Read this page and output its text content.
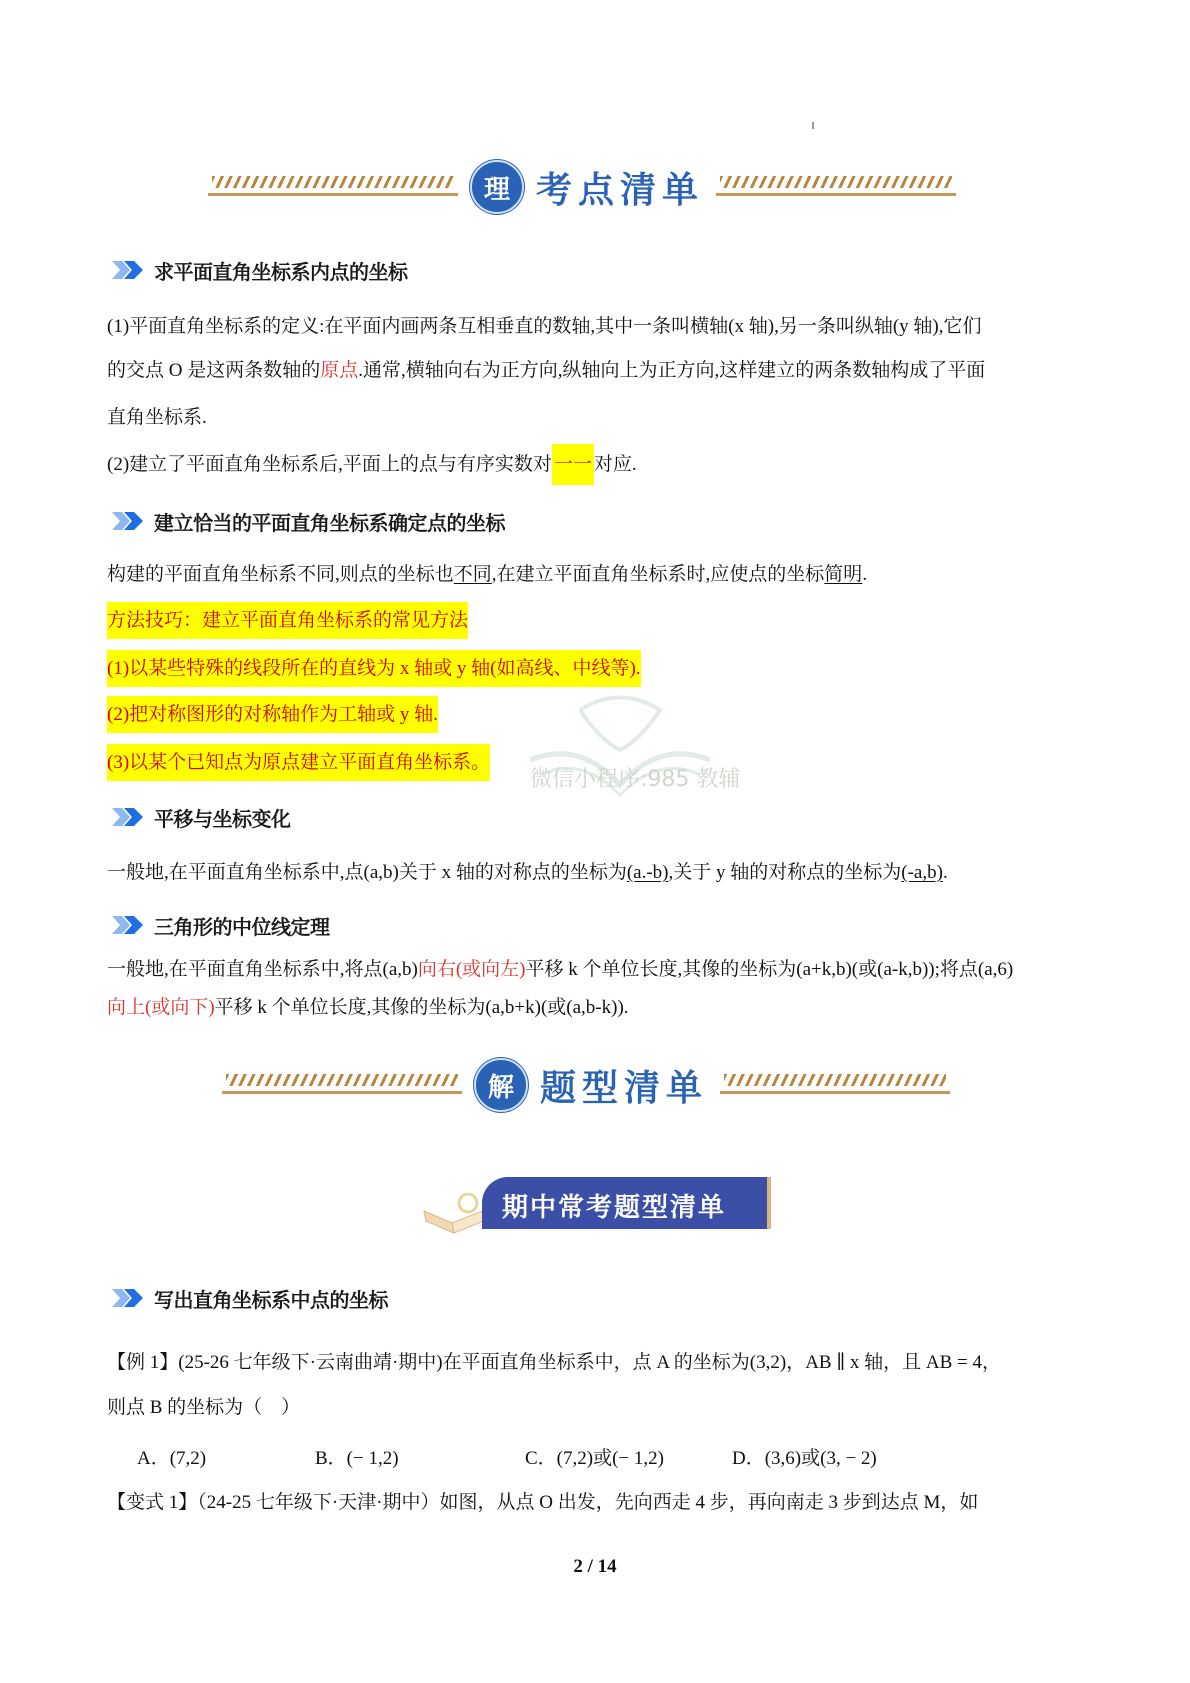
微信小程序:985 教辅
理 考点清单
求平面直角坐标系内点的坐标
(1)平面直角坐标系的定义:在平面内画两条互相垂直的数轴,其中一条叫横轴(x 轴),另一条叫纵轴(y 轴),它们
的交点 O 是这两条数轴的原点.通常,横轴向右为正方向,纵轴向上为正方向,这样建立的两条数轴构成了平面
直角坐标系.
(2)建立了平面直角坐标系后,平面上的点与有序实数对 一一 对应.
建立恰当的平面直角坐标系确定点的坐标
构建的平面直角坐标系不同,则点的坐标也不同,在建立平面直角坐标系时,应使点的坐标简明.
方法技巧：建立平面直角坐标系的常见方法
(1)以某些特殊的线段所在的直线为 x 轴或 y 轴(如高线、中线等).
(2)把对称图形的对称轴作为工轴或 y 轴.
(3)以某个已知点为原点建立平面直角坐标系。
平移与坐标变化
一般地,在平面直角坐标系中,点(a,b)关于 x 轴的对称点的坐标为(a.-b),关于 y 轴的对称点的坐标为(-a,b).
三角形的中位线定理
一般地,在平面直角坐标系中,将点(a,b)向右(或向左)平移 k 个单位长度,其像的坐标为(a+k,b)(或(a-k,b));将点(a,6)
向上(或向下)平移 k 个单位长度,其像的坐标为(a,b+k)(或(a,b-k)).
解 题型清单
期中常考题型清单
写出直角坐标系中点的坐标
【例 1】(25-26 七年级下·云南曲靖·期中)在平面直角坐标系中，点 A 的坐标为(3,2)，AB ∥ x 轴，且 AB = 4，
则点 B 的坐标为（　）
A．(7,2)	B．(− 1,2)	C．(7,2)或(− 1,2)	D．(3,6)或(3, − 2)
【变式 1】（24-25 七年级下·天津·期中）如图，从点 O 出发，先向西走 4 步，再向南走 3 步到达点 M，如
2 / 14
